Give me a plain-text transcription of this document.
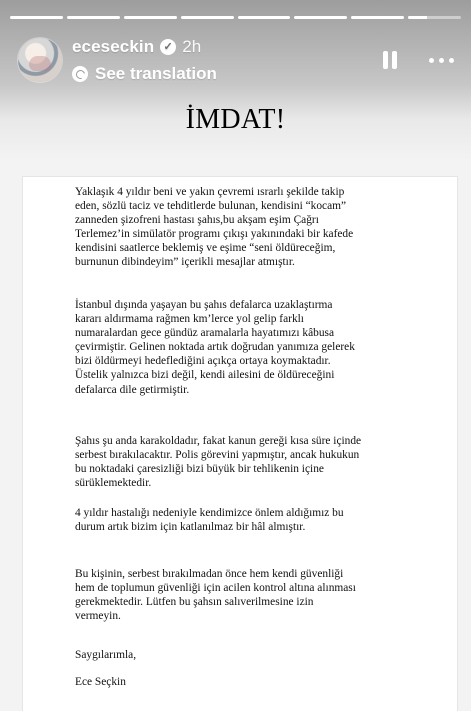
eceseckin ✓ 2h
See translation
İMDAT!
Yaklaşık 4 yıldır beni ve yakın çevremi ısrarlı şekilde takip
eden, sözlü taciz ve tehditlerde bulunan, kendisini “kocam”
zanneden şizofreni hastası şahıs,bu akşam eşim Çağrı
Terlemez’in simülatör programı çıkışı yakınındaki bir kafede
kendisini saatlerce beklemiş ve eşime “seni öldüreceğim,
burnunun dibindeyim” içerikli mesajlar atmıştır.
İstanbul dışında yaşayan bu şahıs defalarca uzaklaştırma
kararı aldırmama rağmen km’lerce yol gelip farklı
numaralardan gece gündüz aramalarla hayatımızı kâbusa
çevirmiştir. Gelinen noktada artık doğrudan yanımıza gelerek
bizi öldürmeyi hedeflediğini açıkça ortaya koymaktadır.
Üstelik yalnızca bizi değil, kendi ailesini de öldüreceğini
defalarca dile getirmiştir.
Şahıs şu anda karakoldadır, fakat kanun gereği kısa süre içinde
serbest bırakılacaktır. Polis görevini yapmıştır, ancak hukukun
bu noktadaki çaresizliği bizi büyük bir tehlikenin içine
sürüklemektedir.
4 yıldır hastalığı nedeniyle kendimizce önlem aldığımız bu
durum artık bizim için katlanılmaz bir hâl almıştır.
Bu kişinin, serbest bırakılmadan önce hem kendi güvenliği
hem de toplumun güvenliği için acilen kontrol altına alınması
gerekmektedir. Lütfen bu şahsın salıverilmesine izin
vermeyin.
Saygılarımla,
Ece Seçkin
